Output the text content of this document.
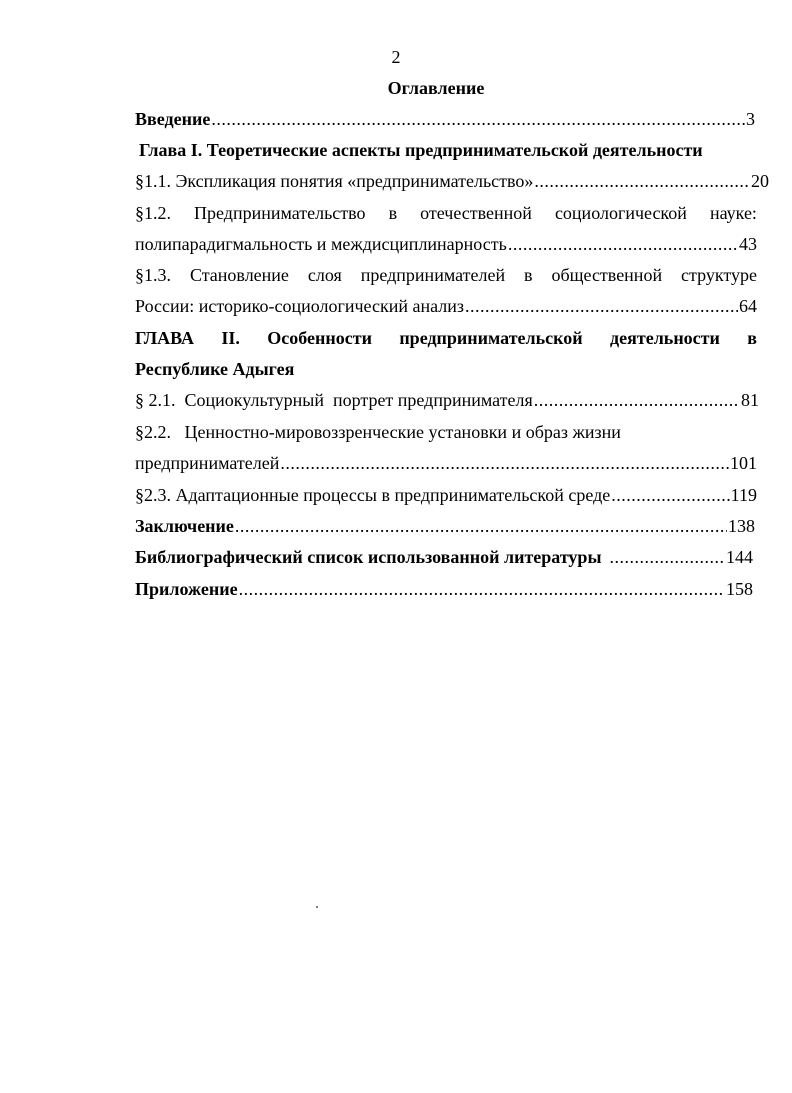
2
Оглавление
Введение .....	3
Глава I. Теоретические аспекты предпринимательской деятельности
§1.1. Экспликация понятия «предпринимательство» .....	20
§1.2. Предпринимательство в отечественной социологической науке:
полипарадигмальность и междисциплинарность .....	43
§1.3. Становление слоя предпринимателей в общественной структуре
России: историко-социологический анализ .....	64
ГЛАВА II. Особенности предпринимательской деятельности в
Республике Адыгея
§ 2.1.  Социокультурный  портрет предпринимателя .....	81
§2.2.   Ценностно-мировоззренческие установки и образ жизни
предпринимателей .....	101
§2.3. Адаптационные процессы в предпринимательской среде .....	119
Заключение .....	138
Библиографический список использованной литературы .....	144
Приложение .....	158
